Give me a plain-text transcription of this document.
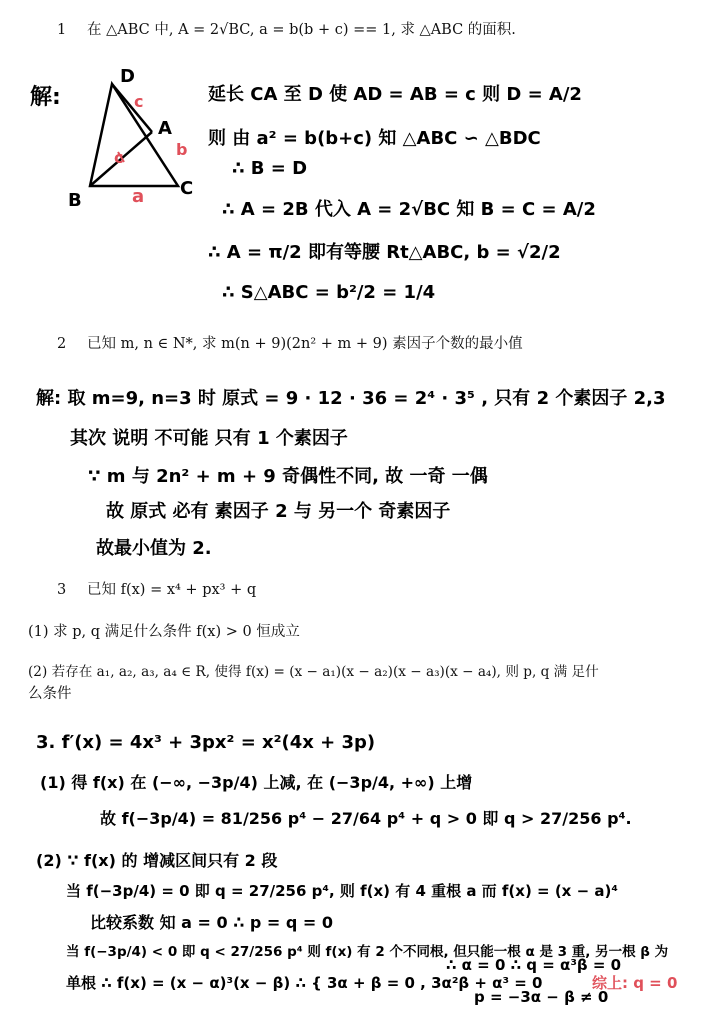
1 在 △ABC 中, A = 2√BC, a = b(b + c) == 1, 求 △ABC 的面积.
解:
D
A
B
C
c
c	b
a
延长 CA 至 D 使 AD = AB = c 则 D = A/2
则 由 a² = b(b+c) 知 △ABC ∽ △BDC
∴ B = D
∴ A = 2B 代入 A = 2√BC 知 B = C = A/2
∴ A = π/2 即有等腰 Rt△ABC, b = √2/2
∴ S△ABC = b²/2 = 1/4
2 已知 m, n ∈ N*, 求 m(n + 9)(2n² + m + 9) 素因子个数的最小值
解: 取 m=9, n=3 时 原式 = 9 · 12 · 36 = 2⁴ · 3⁵ , 只有 2 个素因子 2,3
其次 说明 不可能 只有 1 个素因子
∵ m 与 2n² + m + 9 奇偶性不同, 故 一奇 一偶
故 原式 必有 素因子 2 与 另一个 奇素因子
故最小值为 2.
3 已知 f(x) = x⁴ + px³ + q
(1) 求 p, q 满足什么条件 f(x) > 0 恒成立
(2) 若存在 a₁, a₂, a₃, a₄ ∈ R, 使得 f(x) = (x − a₁)(x − a₂)(x − a₃)(x − a₄), 则 p, q 满 足什
么条件
3. f′(x) = 4x³ + 3px² = x²(4x + 3p)
(1) 得 f(x) 在 (−∞, −3p/4) 上减, 在 (−3p/4, +∞) 上增
故 f(−3p/4) = 81/256 p⁴ − 27/64 p⁴ + q > 0 即 q > 27/256 p⁴.
(2) ∵ f(x) 的 增减区间只有 2 段
当 f(−3p/4) = 0 即 q = 27/256 p⁴, 则 f(x) 有 4 重根 a 而 f(x) = (x − a)⁴
比较系数 知 a = 0 ∴ p = q = 0
当 f(−3p/4) < 0 即 q < 27/256 p⁴ 则 f(x) 有 2 个不同根, 但只能一根 α 是 3 重, 另一根 β 为
单根 ∴ f(x) = (x − α)³(x − β) ∴ { 3α + β = 0 , 3α²β + α³ = 0
∴ α = 0 ∴ q = α³β = 0
p = −3α − β ≠ 0
综上: q = 0
